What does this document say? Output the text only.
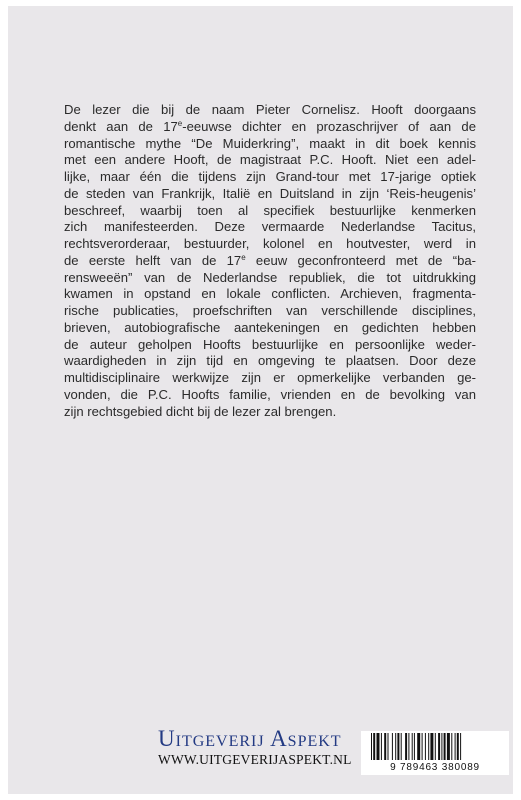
De lezer die bij de naam Pieter Cornelisz. Hooft doorgaans
denkt aan de 17e-eeuwse dichter en prozaschrijver of aan de
romantische mythe “De Muiderkring”, maakt in dit boek kennis
met een andere Hooft, de magistraat P.C. Hooft. Niet een adel-
lijke, maar één die tijdens zijn Grand-tour met 17-jarige optiek
de steden van Frankrijk, Italië en Duitsland in zijn ‘Reis-heugenis’
beschreef, waarbij toen al specifiek bestuurlijke kenmerken
zich manifesteerden. Deze vermaarde Nederlandse Tacitus,
rechtsverorderaar, bestuurder, kolonel en houtvester, werd in
de eerste helft van de 17e eeuw geconfronteerd met de “ba-
rensweeën” van de Nederlandse republiek, die tot uitdrukking
kwamen in opstand en lokale conflicten. Archieven, fragmenta-
rische publicaties, proefschriften van verschillende disciplines,
brieven, autobiografische aantekeningen en gedichten hebben
de auteur geholpen Hoofts bestuurlijke en persoonlijke weder-
waardigheden in zijn tijd en omgeving te plaatsen. Door deze
multidisciplinaire werkwijze zijn er opmerkelijke verbanden ge-
vonden, die P.C. Hoofts familie, vrienden en de bevolking van
zijn rechtsgebied dicht bij de lezer zal brengen.

Uitgeverij Aspekt
WWW.UITGEVERIJASPEKT.NL
9 789463 380089
